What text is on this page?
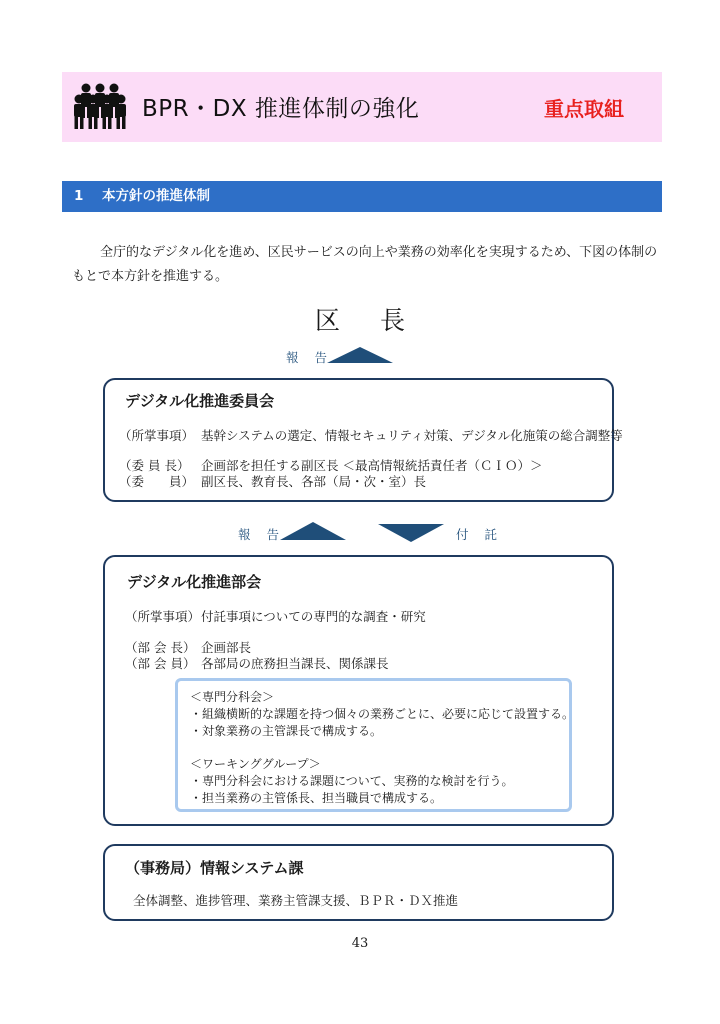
BPR・DX 推進体制の強化	重点取組
1 本方針の推進体制
全庁的なデジタル化を進め、区民サービスの向上や業務の効率化を実現するため、下図の体制のもとで本方針を推進する。
区 長
報 告
デジタル化推進委員会
（所掌事項） 基幹システムの選定、情報セキュリティ対策、デジタル化施策の総合調整等
（委 員 長） 企画部を担任する副区長 ＜最高情報統括責任者（ＣＩＯ）＞
（委　　員） 副区長、教育長、各部（局・次・室）長
報 告	付 託
デジタル化推進部会
（所掌事項）付託事項についての専門的な調査・研究
（部 会 長） 企画部長
（部 会 員） 各部局の庶務担当課長、関係課長
＜専門分科会＞
・組織横断的な課題を持つ個々の業務ごとに、必要に応じて設置する。
・対象業務の主管課長で構成する。
＜ワーキンググループ＞
・専門分科会における課題について、実務的な検討を行う。
・担当業務の主管係長、担当職員で構成する。
（事務局）情報システム課
全体調整、進捗管理、業務主管課支援、ＢＰＲ・ＤＸ推進
43
